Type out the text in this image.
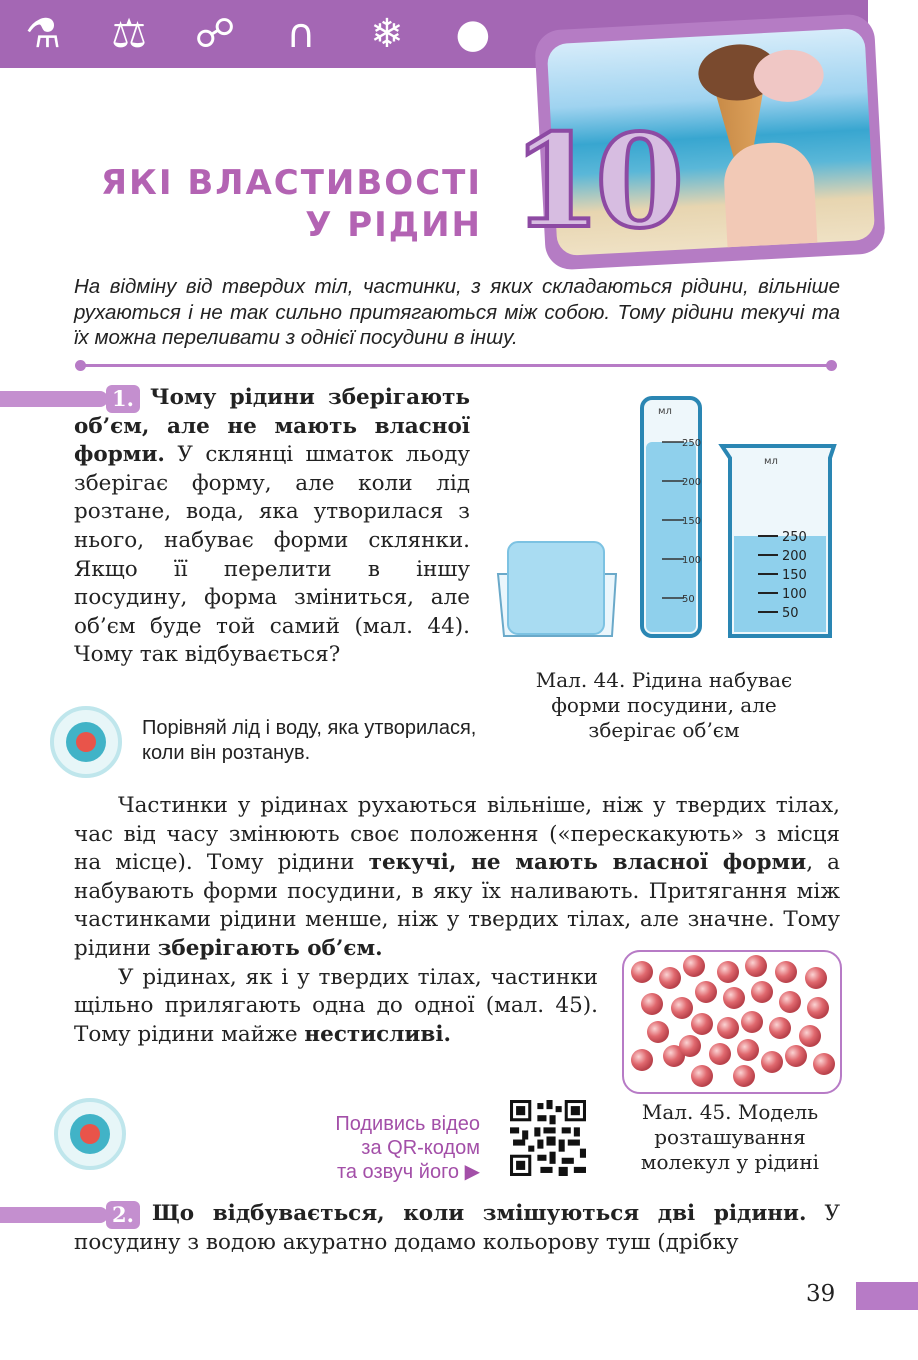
⚗	⚖	☍	∩	❄	●
10
ЯКІ ВЛАСТИВОСТІ
У РІДИН
На відміну від твердих тіл, частинки, з яких складаються рідини, вільніше рухаються і не так сильно притягаються між собою. Тому рідини текучі та їх можна переливати з однієї посудини в іншу.
1. Чому рідини зберігають об’єм, але не мають власної форми. У склянці шматок льоду зберігає форму, але коли лід розтане, вода, яка утворилася з нього, набуває форми склянки. Якщо її перелити в іншу посудину, форма зміниться, але об’єм буде той самий (мал. 44). Чому так відбувається?
Порівняй лід і воду, яка утворилася, коли він розтанув.
мл
250
200
150
100
50
мл
250
200
150
100
50
Мал. 44. Рідина набуває форми посудини, але зберігає об’єм

Частинки у рідинах рухаються вільніше, ніж у твердих тілах, час від часу змінюють своє положення («перескакують» з місця на місце). Тому рідини текучі, не мають власної форми, а набувають форми посудини, в яку їх наливають. Притягання між частинками рідини менше, ніж у твердих тілах, але значне. Тому рідини зберігають об’єм.

У рідинах, як і у твердих тілах, частинки щільно прилягають одна до одної (мал. 45). Тому рідини майже нестисливі.

Мал. 45. Модель розташування молекул у рідині
Подивись відео
за QR-кодом
та озвуч його ▶
2. Що відбувається, коли змішуються дві рідини. У посудину з водою акуратно додамо кольорову туш (дрібку
39
